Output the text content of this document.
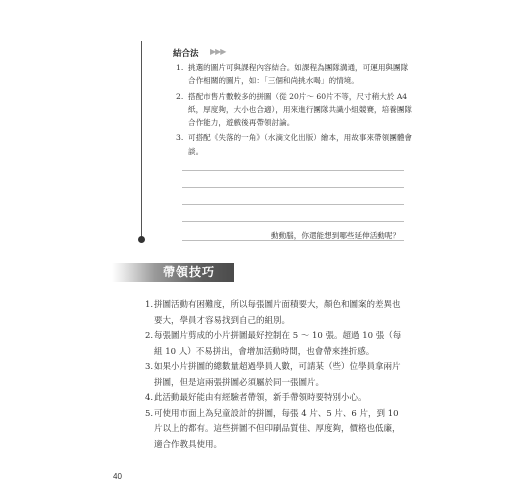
結合法 ▶▶▶
1. 挑選的圖片可與課程內容結合。如課程為團隊溝通，可運用與團隊合作相關的圖片，如：「三個和尚挑水喝」的情境。
2. 搭配市售片數較多的拼圖（從 20片～ 60片不等，尺寸稍大於 A4紙，厚度夠，大小也合適），用來進行團隊共識小組競賽，培養團隊合作能力，遊戲後再帶領討論。
3. 可搭配《失落的一角》（水滴文化出版）繪本，用故事來帶領團體會談。
動動腦，你還能想到哪些延伸活動呢？
帶領技巧
1. 拼圖活動有困難度，所以每張圖片面積要大，顏色和圖案的差異也要大，學員才容易找到自己的組別。
2. 每張圖片剪成的小片拼圖最好控制在 5 ～ 10 張。超過 10 張（每組 10 人）不易拼出，會增加活動時間，也會帶來挫折感。
3. 如果小片拼圖的總數量超過學員人數，可請某（些）位學員拿兩片拼圖，但是這兩張拼圖必須屬於同一張圖片。
4. 此活動最好能由有經驗者帶領，新手帶領時要特別小心。
5. 可使用市面上為兒童設計的拼圖，每張 4 片、5 片、6 片，到 10 片以上的都有。這些拼圖不但印刷品質佳、厚度夠，價格也低廉，適合作教具使用。
40
